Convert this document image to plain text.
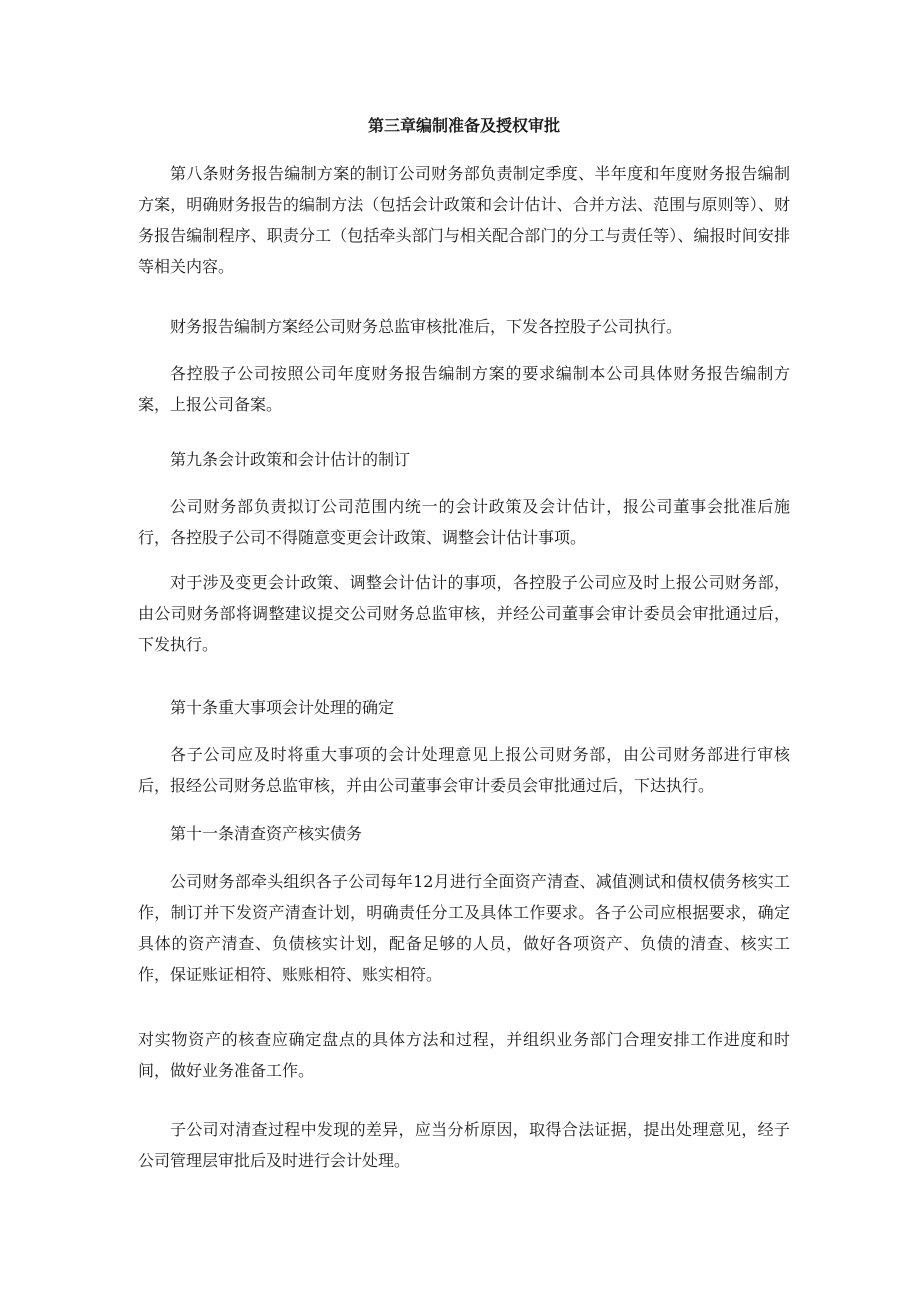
第三章编制准备及授权审批

第八条财务报告编制方案的制订公司财务部负责制定季度、半年度和年度财务报告编制方案，明确财务报告的编制方法（包括会计政策和会计估计、合并方法、范围与原则等）、财务报告编制程序、职责分工（包括牵头部门与相关配合部门的分工与责任等）、编报时间安排等相关内容。

财务报告编制方案经公司财务总监审核批准后，下发各控股子公司执行。

各控股子公司按照公司年度财务报告编制方案的要求编制本公司具体财务报告编制方案，上报公司备案。

第九条会计政策和会计估计的制订

公司财务部负责拟订公司范围内统一的会计政策及会计估计，报公司董事会批准后施行，各控股子公司不得随意变更会计政策、调整会计估计事项。

对于涉及变更会计政策、调整会计估计的事项，各控股子公司应及时上报公司财务部，由公司财务部将调整建议提交公司财务总监审核，并经公司董事会审计委员会审批通过后，下发执行。

第十条重大事项会计处理的确定

各子公司应及时将重大事项的会计处理意见上报公司财务部，由公司财务部进行审核后，报经公司财务总监审核，并由公司董事会审计委员会审批通过后，下达执行。

第十一条清查资产核实债务

公司财务部牵头组织各子公司每年12月进行全面资产清查、减值测试和债权债务核实工作，制订并下发资产清查计划，明确责任分工及具体工作要求。各子公司应根据要求，确定具体的资产清查、负债核实计划，配备足够的人员，做好各项资产、负债的清查、核实工作，保证账证相符、账账相符、账实相符。

对实物资产的核查应确定盘点的具体方法和过程，并组织业务部门合理安排工作进度和时间，做好业务准备工作。

子公司对清查过程中发现的差异，应当分析原因，取得合法证据，提出处理意见，经子公司管理层审批后及时进行会计处理。
